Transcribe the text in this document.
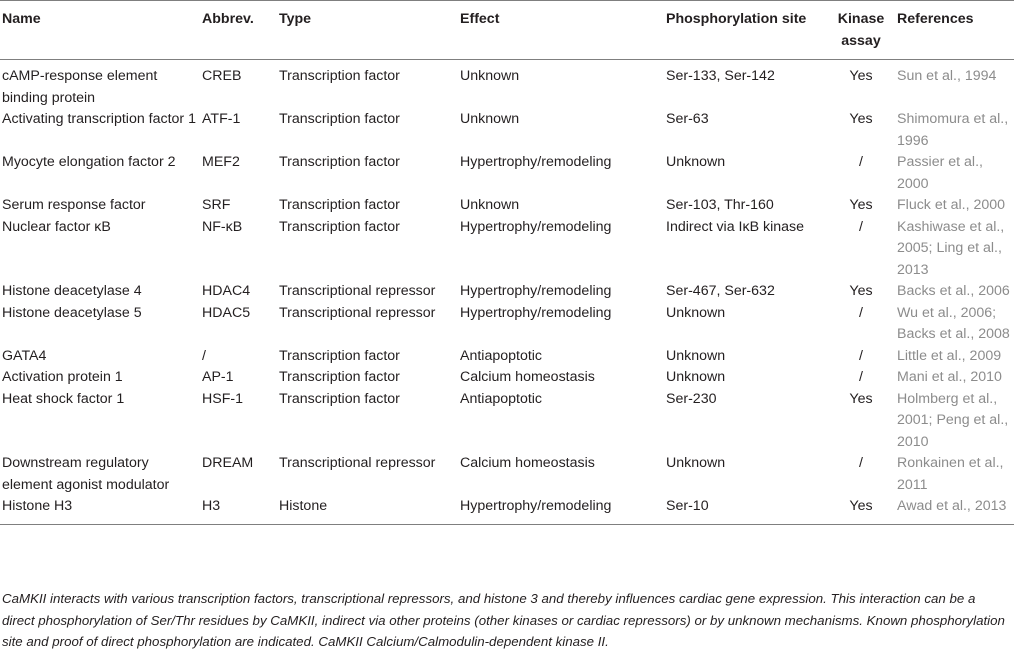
Name	Abbrev.	Type	Effect	Phosphorylation site	Kinase assay	References
cAMP-response element binding protein	CREB	Transcription factor	Unknown	Ser-133, Ser-142	Yes	Sun et al., 1994
Activating transcription factor 1	ATF-1	Transcription factor	Unknown	Ser-63	Yes	Shimomura et al., 1996
Myocyte elongation factor 2	MEF2	Transcription factor	Hypertrophy/remodeling	Unknown	/	Passier et al., 2000
Serum response factor	SRF	Transcription factor	Unknown	Ser-103, Thr-160	Yes	Fluck et al., 2000
Nuclear factor κB	NF-κB	Transcription factor	Hypertrophy/remodeling	Indirect via IκB kinase	/	Kashiwase et al., 2005; Ling et al., 2013
Histone deacetylase 4	HDAC4	Transcriptional repressor	Hypertrophy/remodeling	Ser-467, Ser-632	Yes	Backs et al., 2006
Histone deacetylase 5	HDAC5	Transcriptional repressor	Hypertrophy/remodeling	Unknown	/	Wu et al., 2006; Backs et al., 2008
GATA4	/	Transcription factor	Antiapoptotic	Unknown	/	Little et al., 2009
Activation protein 1	AP-1	Transcription factor	Calcium homeostasis	Unknown	/	Mani et al., 2010
Heat shock factor 1	HSF-1	Transcription factor	Antiapoptotic	Ser-230	Yes	Holmberg et al., 2001; Peng et al., 2010
Downstream regulatory element agonist modulator	DREAM	Transcriptional repressor	Calcium homeostasis	Unknown	/	Ronkainen et al., 2011
Histone H3	H3	Histone	Hypertrophy/remodeling	Ser-10	Yes	Awad et al., 2013
CaMKII interacts with various transcription factors, transcriptional repressors, and histone 3 and thereby influences cardiac gene expression. This interaction can be a direct phosphorylation of Ser/Thr residues by CaMKII, indirect via other proteins (other kinases or cardiac repressors) or by unknown mechanisms. Known phosphorylation site and proof of direct phosphorylation are indicated. CaMKII Calcium/Calmodulin-dependent kinase II.
